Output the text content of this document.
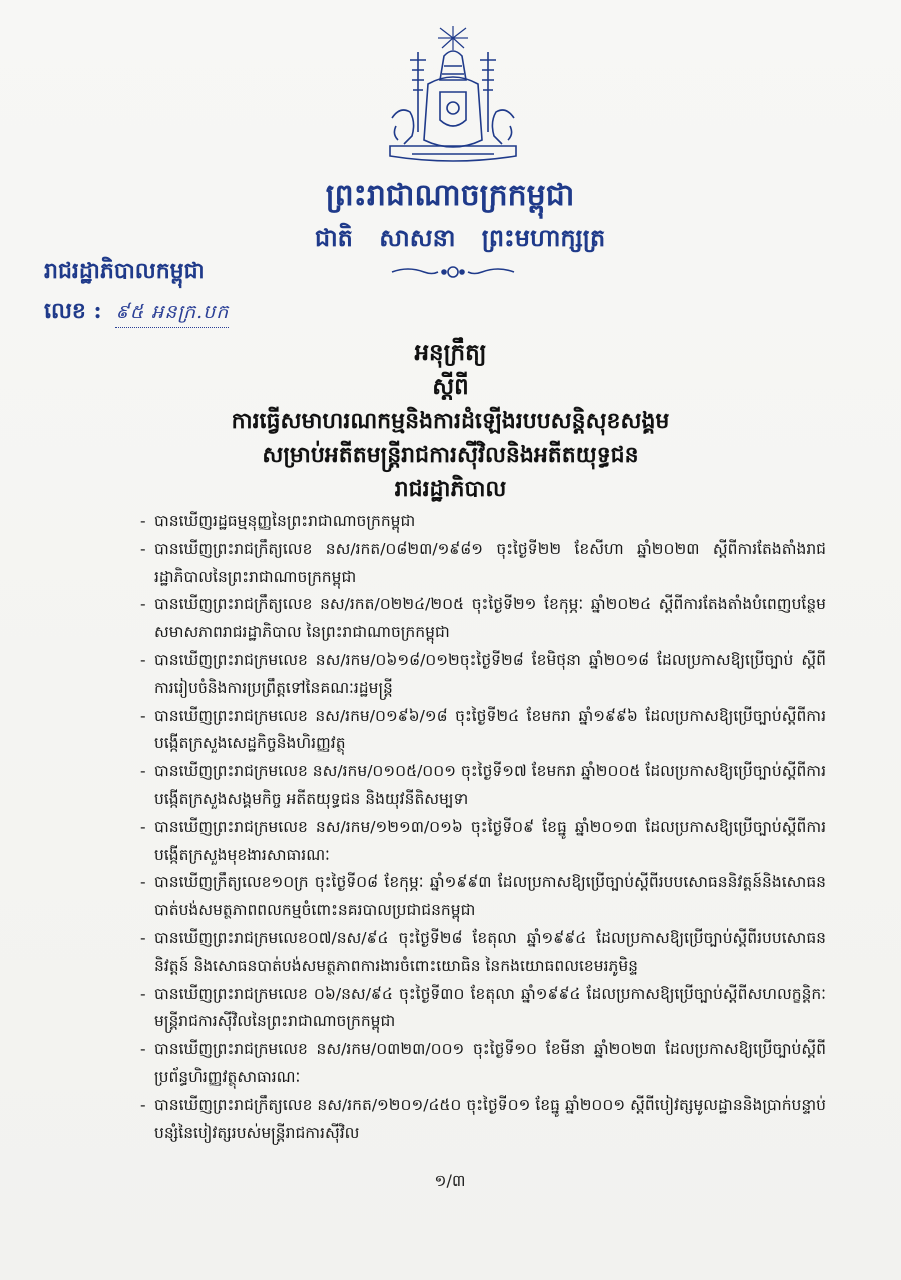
ព្រះរាជាណាចក្រកម្ពុជា
ជាតិ សាសនា ព្រះមហាក្សត្រ
រាជរដ្ឋាភិបាលកម្ពុជា
លេខ : ៩៥ អនក្រ.បក
អនុក្រឹត្យ
ស្តីពី
ការធ្វើសមាហរណកម្មនិងការដំឡើងរបបសន្តិសុខសង្គម
សម្រាប់អតីតមន្ត្រីរាជការស៊ីវិលនិងអតីតយុទ្ធជន
រាជរដ្ឋាភិបាល
- បានឃើញរដ្ឋធម្មនុញ្ញនៃព្រះរាជាណាចក្រកម្ពុជា
- បានឃើញព្រះរាជក្រឹត្យលេខ នស/រកត/០៨២៣/១៩៨១ ចុះថ្ងៃទី២២ ខែសីហា ឆ្នាំ២០២៣ ស្តីពីការតែងតាំងរាជរដ្ឋាភិបាលនៃព្រះរាជាណាចក្រកម្ពុជា
- បានឃើញព្រះរាជក្រឹត្យលេខ នស/រកត/០២២៤/២០៥ ចុះថ្ងៃទី២១ ខែកុម្ភៈ ឆ្នាំ២០២៤ ស្តីពីការតែងតាំងបំពេញបន្ថែមសមាសភាពរាជរដ្ឋាភិបាល នៃព្រះរាជាណាចក្រកម្ពុជា
- បានឃើញព្រះរាជក្រមលេខ នស/រកម/០៦១៨/០១២ចុះថ្ងៃទី២៨ ខែមិថុនា ឆ្នាំ២០១៨ ដែលប្រកាសឱ្យប្រើច្បាប់ ស្តីពី ការរៀបចំនិងការប្រព្រឹត្តទៅនៃគណៈរដ្ឋមន្ត្រី
- បានឃើញព្រះរាជក្រមលេខ នស/រកម/០១៩៦/១៨ ចុះថ្ងៃទី២៤ ខែមករា ឆ្នាំ១៩៩៦ ដែលប្រកាសឱ្យប្រើច្បាប់ស្តីពីការបង្កើតក្រសួងសេដ្ឋកិច្ចនិងហិរញ្ញវត្ថុ
- បានឃើញព្រះរាជក្រមលេខ នស/រកម/០១០៥/០០១ ចុះថ្ងៃទី១៧ ខែមករា ឆ្នាំ២០០៥ ដែលប្រកាសឱ្យប្រើច្បាប់ស្តីពីការបង្កើតក្រសួងសង្គមកិច្ច អតីតយុទ្ធជន និងយុវនីតិសម្បទា
- បានឃើញព្រះរាជក្រមលេខ នស/រកម/១២១៣/០១៦ ចុះថ្ងៃទី០៩ ខែធ្នូ ឆ្នាំ២០១៣ ដែលប្រកាសឱ្យប្រើច្បាប់ស្តីពីការបង្កើតក្រសួងមុខងារសាធារណៈ
- បានឃើញក្រឹត្យលេខ១០ក្រ ចុះថ្ងៃទី០៨ ខែកុម្ភៈ ឆ្នាំ១៩៩៣ ដែលប្រកាសឱ្យប្រើច្បាប់ស្តីពីរបបសោធននិវត្តន៍និងសោធនបាត់បង់សមត្ថភាពពលកម្មចំពោះនគរបាលប្រជាជនកម្ពុជា
- បានឃើញព្រះរាជក្រមលេខ០៧/នស/៩៤ ចុះថ្ងៃទី២៨ ខែតុលា ឆ្នាំ១៩៩៤ ដែលប្រកាសឱ្យប្រើច្បាប់ស្តីពីរបបសោធននិវត្តន៍ និងសោធនបាត់បង់សមត្ថភាពការងារចំពោះយោធិន នៃកងយោធពលខេមរភូមិន្ទ
- បានឃើញព្រះរាជក្រមលេខ ០៦/នស/៩៤ ចុះថ្ងៃទី៣០ ខែតុលា ឆ្នាំ១៩៩៤ ដែលប្រកាសឱ្យប្រើច្បាប់ស្តីពីសហលក្ខន្តិកៈមន្ត្រីរាជការស៊ីវិលនៃព្រះរាជាណាចក្រកម្ពុជា
- បានឃើញព្រះរាជក្រមលេខ នស/រកម/០៣២៣/០០១ ចុះថ្ងៃទី១០ ខែមីនា ឆ្នាំ២០២៣ ដែលប្រកាសឱ្យប្រើច្បាប់ស្តីពីប្រព័ន្ធហិរញ្ញវត្ថុសាធារណៈ
- បានឃើញព្រះរាជក្រឹត្យលេខ នស/រកត/១២០១/៤៥០ ចុះថ្ងៃទី០១ ខែធ្នូ ឆ្នាំ២០០១ ស្តីពីបៀវត្សមូលដ្ឋាននិងប្រាក់បន្ទាប់បន្សំនៃបៀវត្សរបស់មន្ត្រីរាជការស៊ីវិល
១/៣
